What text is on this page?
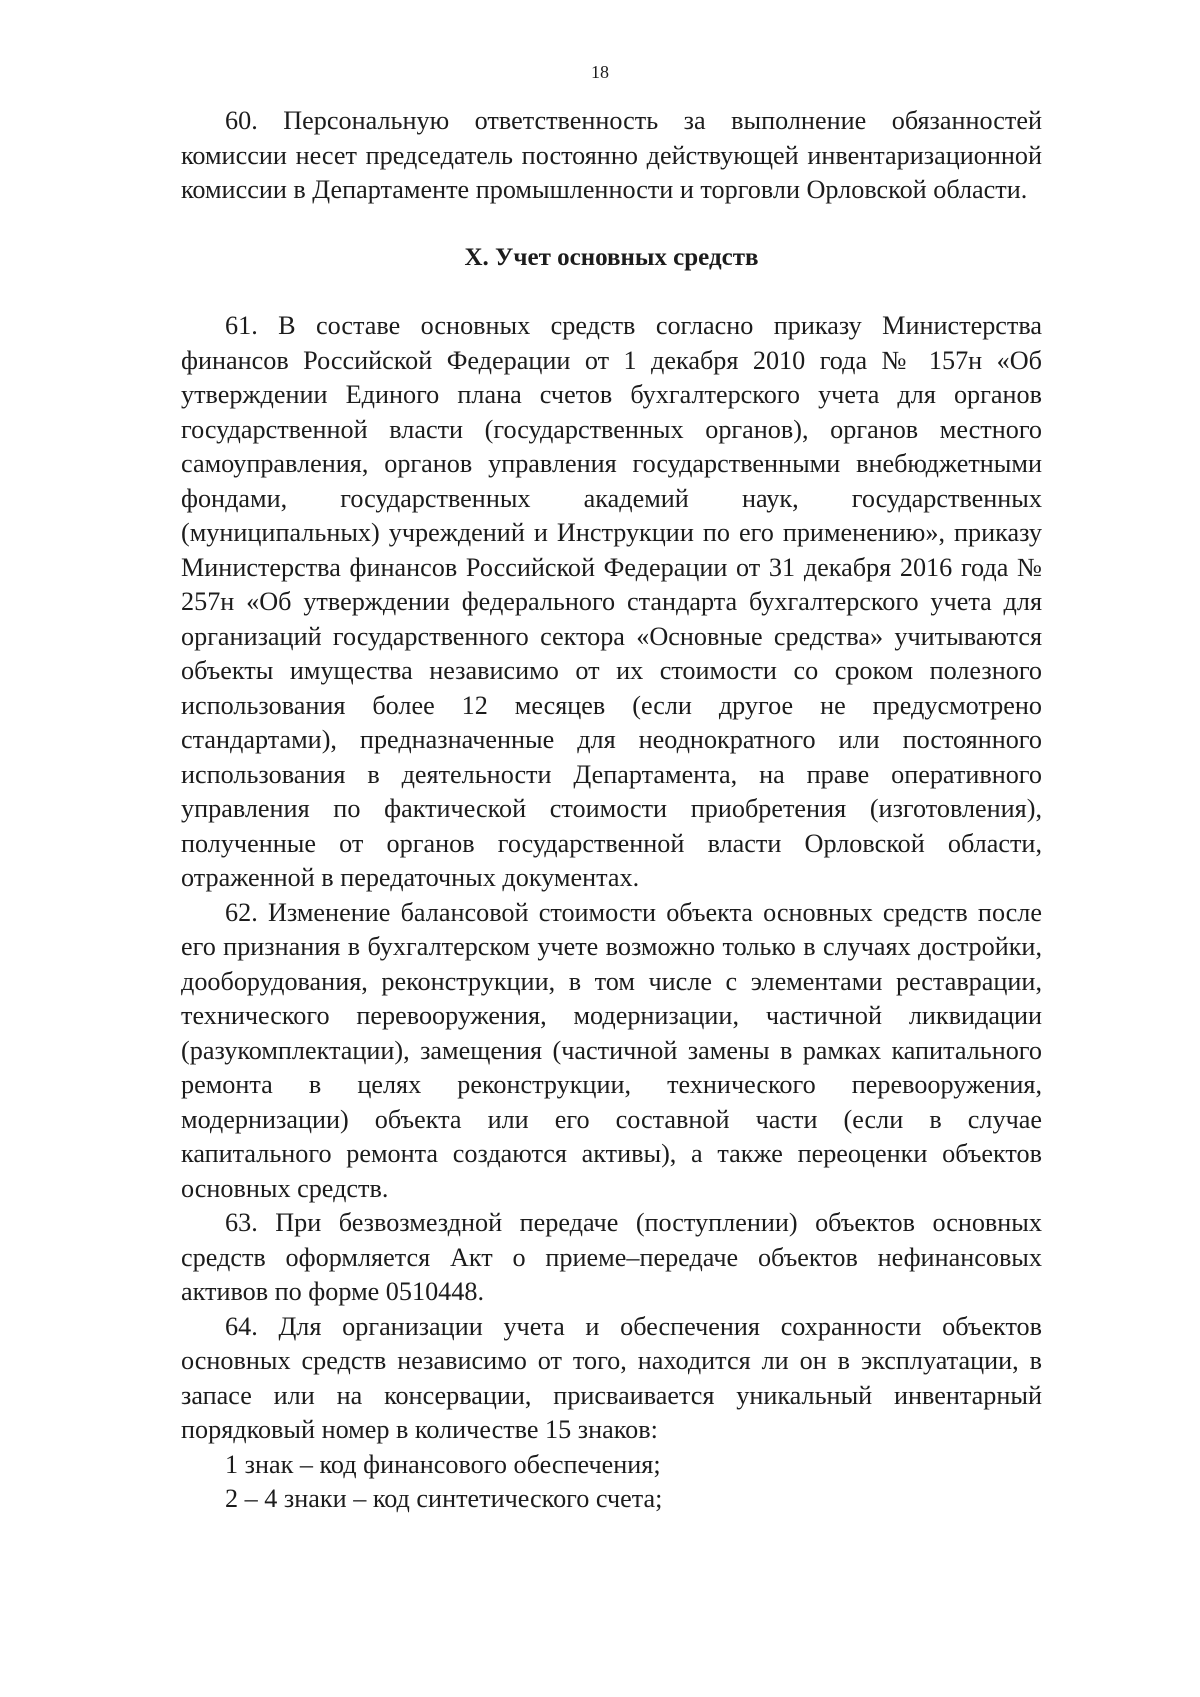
18

60. Персональную ответственность за выполнение обязанностей комиссии несет председатель постоянно действующей инвентаризационной комиссии в Департаменте промышленности и торговли Орловской области.

X. Учет основных средств

61. В составе основных средств согласно приказу Министерства финансов Российской Федерации от 1 декабря 2010 года № 157н «Об утверждении Единого плана счетов бухгалтерского учета для органов государственной власти (государственных органов), органов местного самоуправления, органов управления государственными внебюджетными фондами, государственных академий наук, государственных (муниципальных) учреждений и Инструкции по его применению», приказу Министерства финансов Российской Федерации от 31 декабря 2016 года № 257н «Об утверждении федерального стандарта бухгалтерского учета для организаций государственного сектора «Основные средства» учитываются объекты имущества независимо от их стоимости со сроком полезного использования более 12 месяцев (если другое не предусмотрено стандартами), предназначенные для неоднократного или постоянного использования в деятельности Департамента, на праве оперативного управления по фактической стоимости приобретения (изготовления), полученные от органов государственной власти Орловской области, отраженной в передаточных документах.

62. Изменение балансовой стоимости объекта основных средств после его признания в бухгалтерском учете возможно только в случаях достройки, дооборудования, реконструкции, в том числе с элементами реставрации, технического перевооружения, модернизации, частичной ликвидации (разукомплектации), замещения (частичной замены в рамках капитального ремонта в целях реконструкции, технического перевооружения, модернизации) объекта или его составной части (если в случае капитального ремонта создаются активы), а также переоценки объектов основных средств.

63. При безвозмездной передаче (поступлении) объектов основных средств оформляется Акт о приеме–передаче объектов нефинансовых активов по форме 0510448.

64. Для организации учета и обеспечения сохранности объектов основных средств независимо от того, находится ли он в эксплуатации, в запасе или на консервации, присваивается уникальный инвентарный порядковый номер в количестве 15 знаков:

1 знак – код финансового обеспечения;

2 – 4 знаки – код синтетического счета;
